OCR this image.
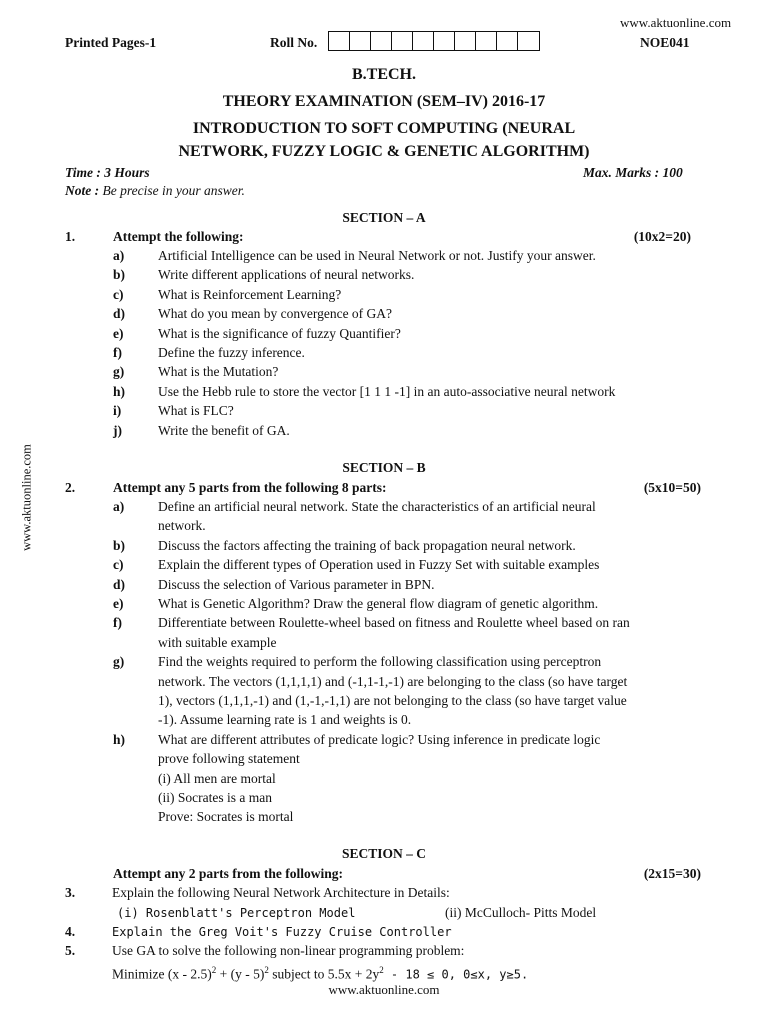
www.aktuonline.com
Printed Pages-1	Roll No.	NOE041
B.TECH.
THEORY EXAMINATION (SEM–IV) 2016-17
INTRODUCTION TO SOFT COMPUTING (NEURAL
NETWORK, FUZZY LOGIC & GENETIC ALGORITHM)
Time : 3 Hours	Max. Marks : 100
Note : Be precise in your answer.
SECTION – A
1.	Attempt the following:	(10x2=20)
a)	Artificial Intelligence can be used in Neural Network or not. Justify your answer.
b) Write different applications of neural networks.
c)	What is Reinforcement Learning?
d) What do you mean by convergence of GA?
e)	What is the significance of fuzzy Quantifier?
f)	Define the fuzzy inference.
g)	What is the Mutation?
h) Use the Hebb rule to store the vector [1 1 1 -1] in an auto-associative neural network
i)	What is FLC?
j)	Write the benefit of GA.
SECTION – B
2.	Attempt any 5 parts from the following 8 parts:	(5x10=50)
a)	Define an artificial neural network. State the characteristics of an artificial neural
network.
b) Discuss the factors affecting the training of back propagation neural network.
c)	Explain the different types of Operation used in Fuzzy Set with suitable examples
d) Discuss the selection of Various parameter in BPN.
e)	What is Genetic Algorithm? Draw the general flow diagram of genetic algorithm.
f)	Differentiate between Roulette-wheel based on fitness and Roulette wheel based on ran
with suitable example
g)	Find the weights required to perform the following classification using perceptron
network. The vectors (1,1,1,1) and (-1,1-1,-1) are belonging to the class (so have target
1), vectors (1,1,1,-1) and (1,-1,-1,1) are not belonging to the class (so have target value
-1). Assume learning rate is 1 and weights is 0.
h) What are different attributes of predicate logic? Using inference in predicate logic
prove following statement
(i) All men are mortal
(ii) Socrates is a man
Prove: Socrates is mortal
SECTION – C
Attempt any 2 parts from the following:	(2x15=30)
3.	Explain the following Neural Network Architecture in Details:
(i) Rosenblatt's Perceptron Model	(ii) McCulloch- Pitts Model
4.	Explain the Greg Voit's Fuzzy Cruise Controller
5.	Use GA to solve the following non-linear programming problem:
Minimize (x - 2.5)$^2$ + (y - 5)$^2$ subject to $5.5x + 2y^2 - 18 \le 0$, 0≤x, y≥5.
www.aktuonline.com
www.aktuonline.com
